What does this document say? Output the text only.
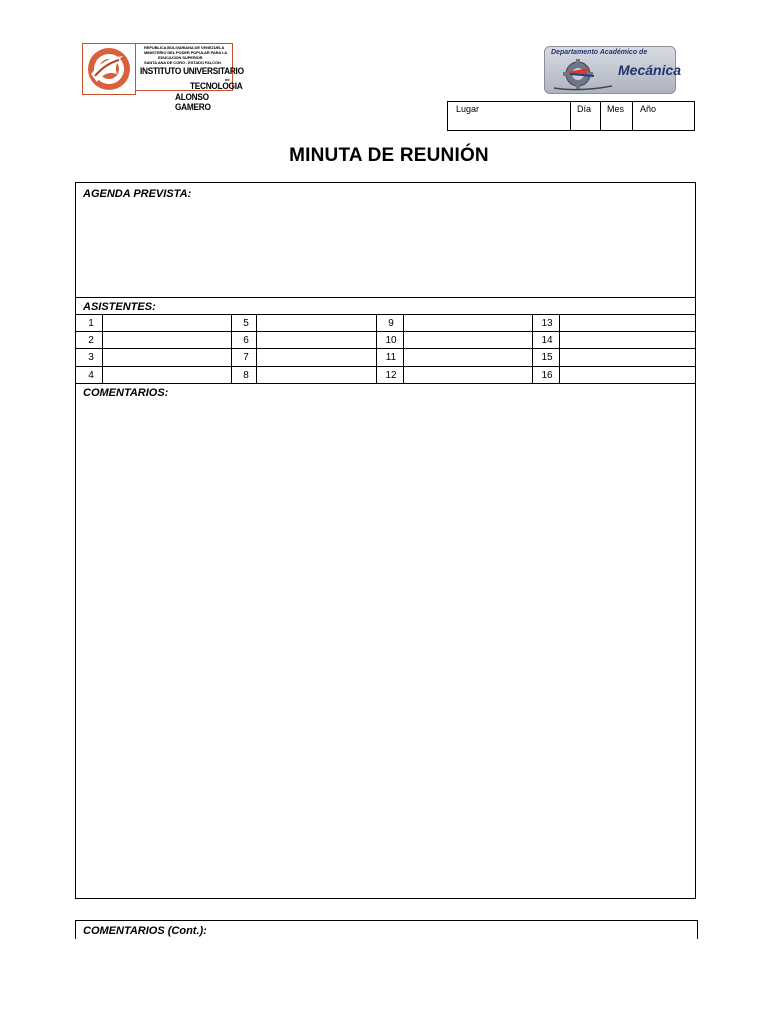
REPUBLICA BOLIVARIANA DE VENEZUELA
MINISTERIO DEL PODER POPULAR PARA LA
EDUCACION SUPERIOR
SANTA ANA DE CORO - ESTADO FALCON
INSTITUTO UNIVERSITARIO
de
TECNOLOGIA
ALONSO GAMERO
Departamento Académico de
Mecánica
Lugar	Día	Mes	Año
MINUTA DE REUNIÓN
AGENDA PREVISTA:
ASISTENTES:
1	5	9	13
2	6	10	14
3	7	11	15
4	8	12	16
COMENTARIOS:
COMENTARIOS (Cont.):
